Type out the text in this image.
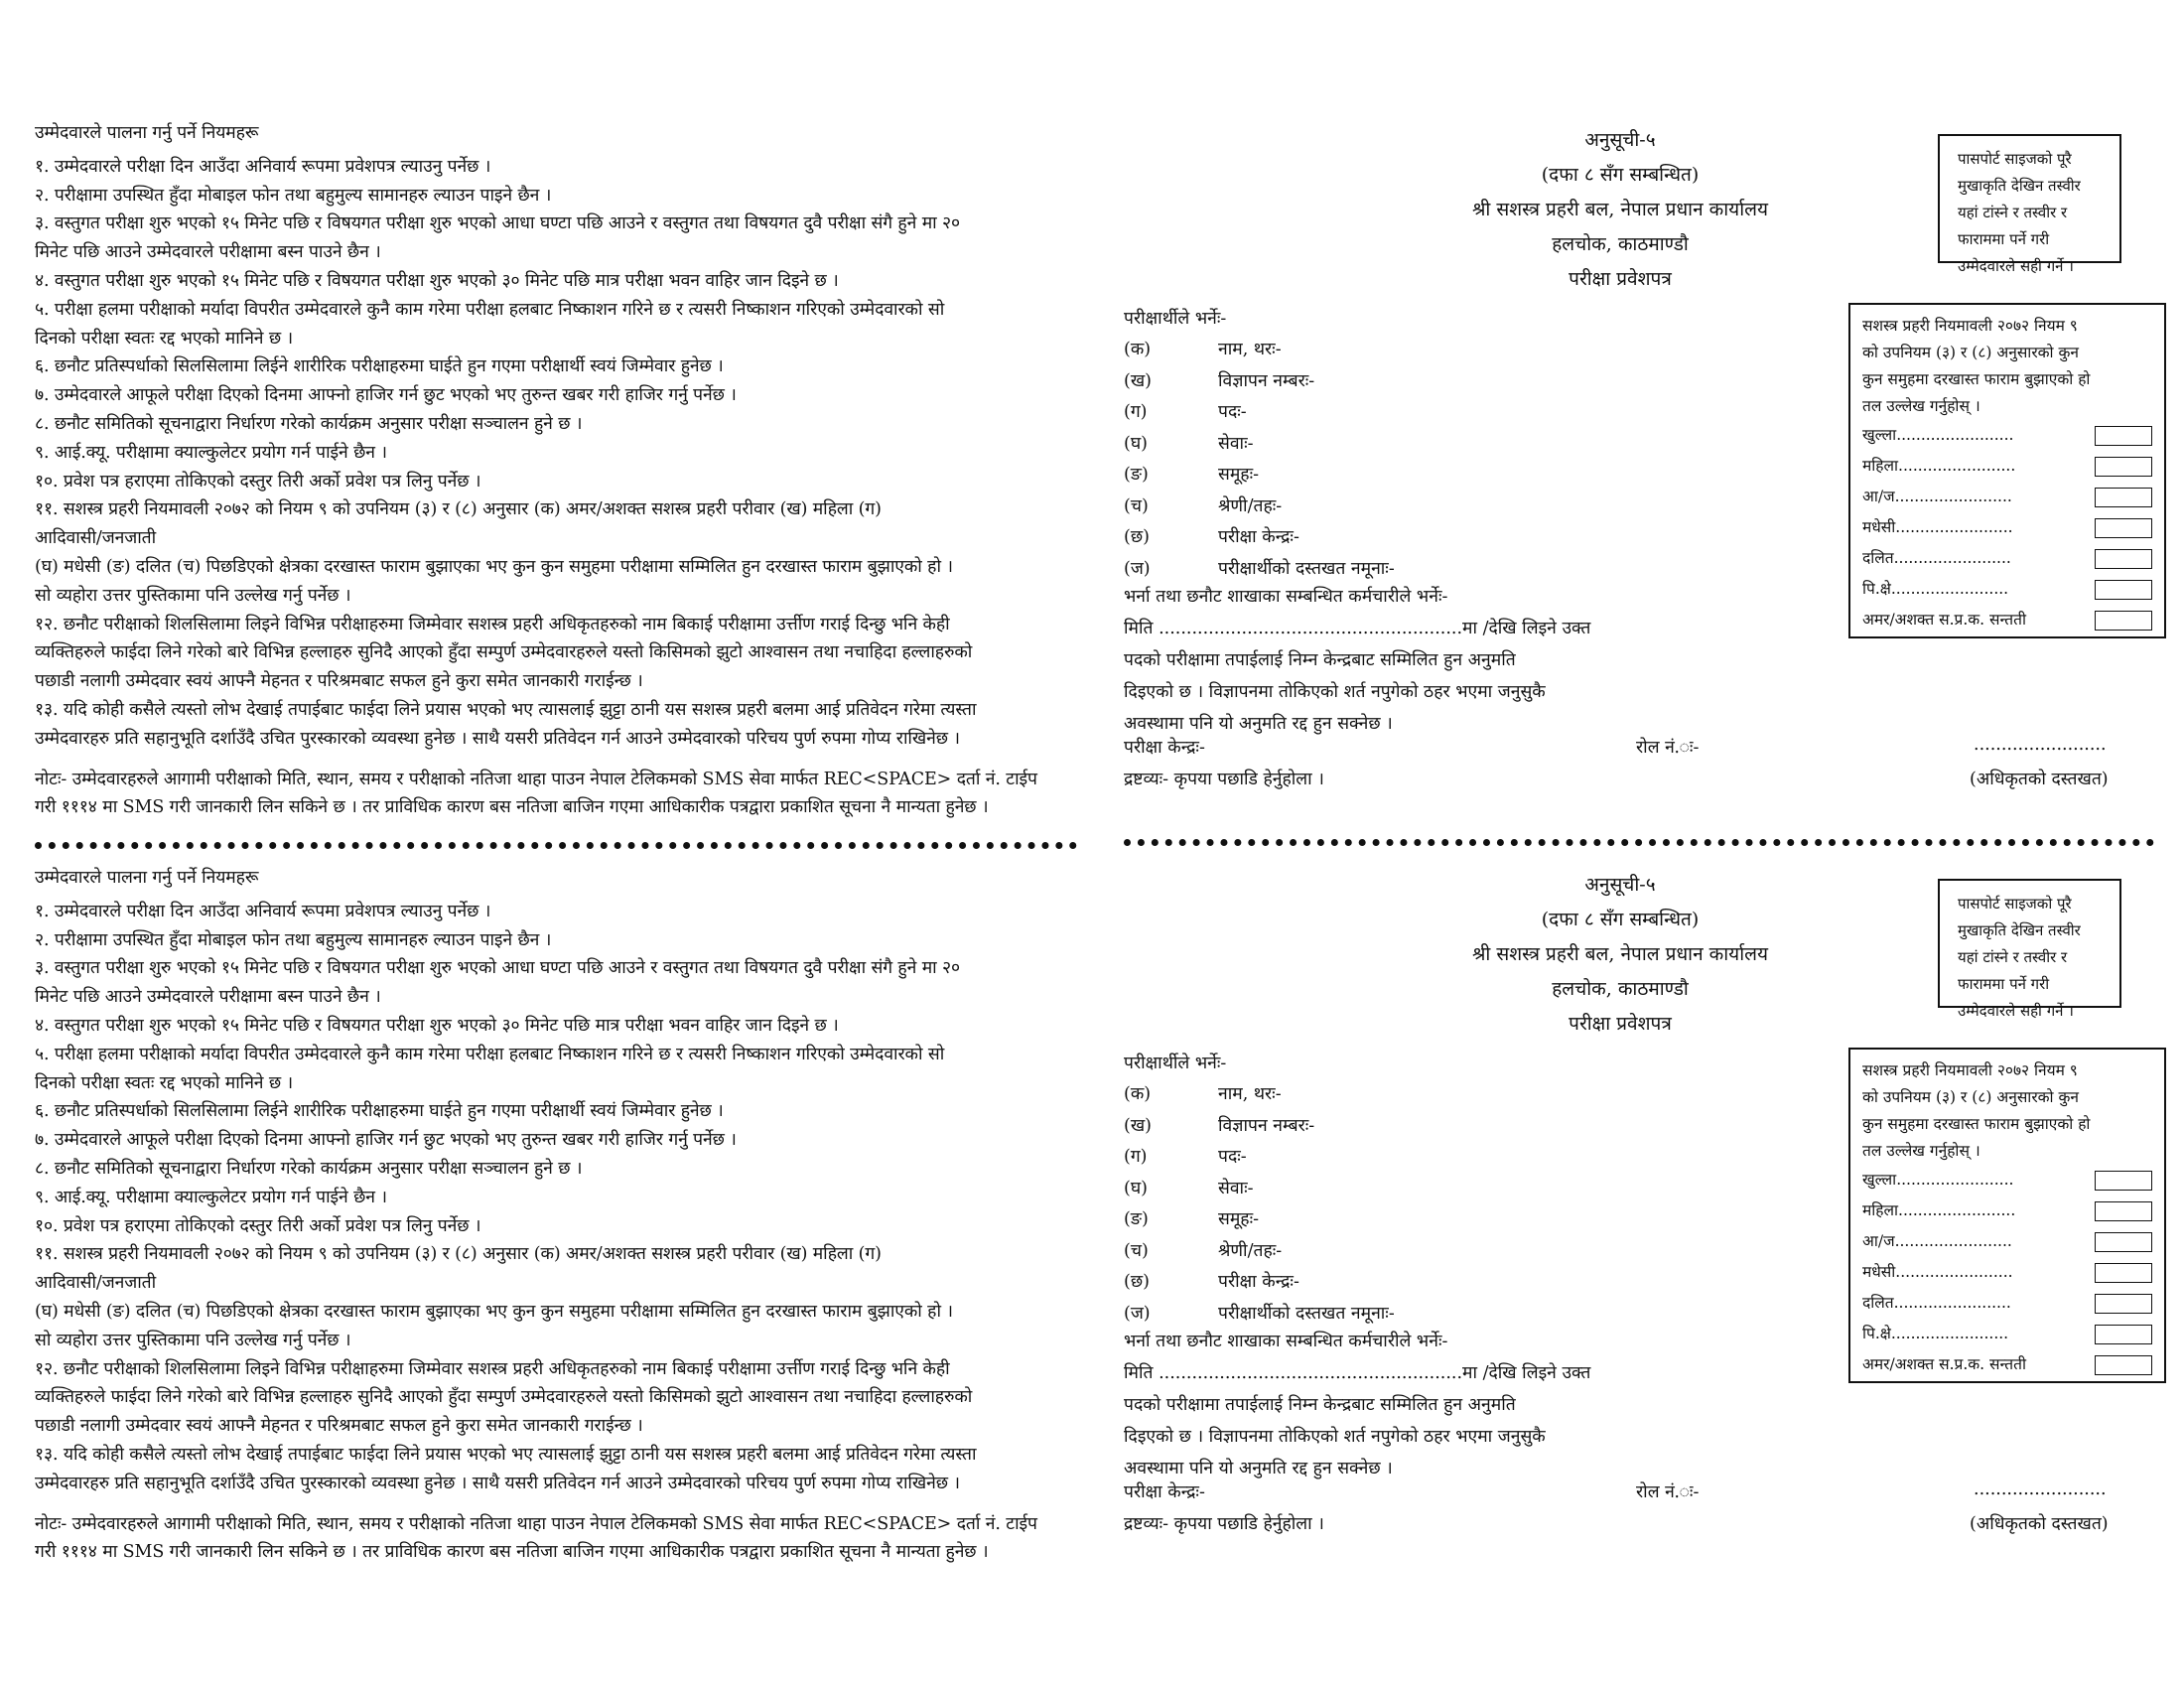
उम्मेदवारले पालना गर्नु पर्ने नियमहरू
१. उम्मेदवारले परीक्षा दिन आउँदा अनिवार्य रूपमा प्रवेशपत्र ल्याउनु पर्नेछ ।
२. परीक्षामा उपस्थित हुँदा मोबाइल फोन तथा बहुमुल्य सामानहरु ल्याउन पाइने छैन ।
३. वस्तुगत परीक्षा शुरु भएको १५ मिनेट पछि र विषयगत परीक्षा शुरु भएको आधा घण्टा पछि आउने र वस्तुगत तथा विषयगत दुवै परीक्षा संगै हुने मा २०
मिनेट पछि आउने उम्मेदवारले परीक्षामा बस्न पाउने छैन ।
४. वस्तुगत परीक्षा शुरु भएको १५ मिनेट पछि र विषयगत परीक्षा शुरु भएको ३० मिनेट पछि मात्र परीक्षा भवन वाहिर जान दिइने छ ।
५. परीक्षा हलमा परीक्षाको मर्यादा विपरीत उम्मेदवारले कुनै काम गरेमा परीक्षा हलबाट निष्काशन गरिने छ र त्यसरी निष्काशन गरिएको उम्मेदवारको सो
दिनको परीक्षा स्वतः रद्द भएको मानिने छ ।
६. छनौट प्रतिस्पर्धाको सिलसिलामा लिईने शारीरिक परीक्षाहरुमा घाईते हुन गएमा परीक्षार्थी स्वयं जिम्मेवार हुनेछ ।
७. उम्मेदवारले आफूले परीक्षा दिएको दिनमा आफ्नो हाजिर गर्न छुट भएको भए तुरुन्त खबर गरी हाजिर गर्नु पर्नेछ ।
८. छनौट समितिको सूचनाद्वारा निर्धारण गरेको कार्यक्रम अनुसार परीक्षा सञ्चालन हुने छ ।
९. आई.क्यू. परीक्षामा क्याल्कुलेटर प्रयोग गर्न पाईने छैन ।
१०. प्रवेश पत्र हराएमा तोकिएको दस्तुर तिरी अर्को प्रवेश पत्र लिनु पर्नेछ ।
११. सशस्त्र प्रहरी नियमावली २०७२ को नियम ९ को उपनियम (३) र (८) अनुसार (क) अमर/अशक्त सशस्त्र प्रहरी परीवार (ख) महिला (ग)
आदिवासी/जनजाती
(घ) मधेसी (ङ) दलित (च) पिछडिएको क्षेत्रका दरखास्त फाराम बुझाएका भए कुन कुन समुहमा परीक्षामा सम्मिलित हुन दरखास्त फाराम बुझाएको हो ।
सो व्यहोरा उत्तर पुस्तिकामा पनि उल्लेख गर्नु पर्नेछ ।
१२. छनौट परीक्षाको शिलसिलामा लिइने विभिन्न परीक्षाहरुमा जिम्मेवार सशस्त्र प्रहरी अधिकृतहरुको नाम बिकाई परीक्षामा उर्त्तीण गराई दिन्छु भनि केही
व्यक्तिहरुले फाईदा लिने गरेको बारे विभिन्न हल्लाहरु सुनिदै आएको हुँदा सम्पुर्ण उम्मेदवारहरुले यस्तो किसिमको झुटो आश्वासन तथा नचाहिदा हल्लाहरुको
पछाडी नलागी उम्मेदवार स्वयं आफ्नै मेहनत र परिश्रमबाट सफल हुने कुरा समेत जानकारी गराईन्छ ।
१३. यदि कोही कसैले त्यस्तो लोभ देखाई तपाईबाट फाईदा लिने प्रयास भएको भए त्यासलाई झुट्टा ठानी यस सशस्त्र प्रहरी बलमा आई प्रतिवेदन गरेमा त्यस्ता
उम्मेदवारहरु प्रति सहानुभूति दर्शाउँदै उचित पुरस्कारको व्यवस्था हुनेछ । साथै यसरी प्रतिवेदन गर्न आउने उम्मेदवारको परिचय पुर्ण रुपमा गोप्य राखिनेछ ।
नोटः- उम्मेदवारहरुले आगामी परीक्षाको मिति, स्थान, समय र परीक्षाको नतिजा थाहा पाउन नेपाल टेलिकमको SMS सेवा मार्फत REC<SPACE> दर्ता नं. टाईप
गरी १११४ मा SMS गरी जानकारी लिन सकिने छ । तर प्राविधिक कारण बस नतिजा बाजिन गएमा आधिकारीक पत्रद्वारा प्रकाशित सूचना नै मान्यता हुनेछ ।
अनुसूची-५
(दफा ८ सँग सम्बन्धित)
श्री सशस्त्र प्रहरी बल, नेपाल प्रधान कार्यालय
हलचोक, काठमाण्डौ
परीक्षा प्रवेशपत्र
पासपोर्ट साइजको पूरै
मुखाकृति देखिन तस्वीर
यहां टांस्ने र तस्वीर र
फाराममा पर्ने गरी
उम्मेदवारले सही गर्ने ।
सशस्त्र प्रहरी नियमावली २०७२ नियम ९
को उपनियम (३) र (८) अनुसारको कुन
कुन समुहमा दरखास्त फाराम बुझाएको हो
तल उल्लेख गर्नुहोस् ।
खुल्ला........................
महिला........................
आ/ज........................
मधेसी........................
दलित........................
पि.क्षे........................
अमर/अशक्त स.प्र.क. सन्तती
परीक्षार्थीले भर्नेः-
(क)	नाम, थरः-
(ख)	विज्ञापन नम्बरः-
(ग)	पदः-
(घ)	सेवाः-
(ङ)	समूहः-
(च)	श्रेणी/तहः-
(छ)	परीक्षा केन्द्रः-
(ज)	परीक्षार्थीको दस्तखत नमूनाः-
भर्ना तथा छनौट शाखाका सम्बन्धित कर्मचारीले भर्नेः-
मिति .......................................................मा /देखि लिइने उक्त
पदको परीक्षामा तपाईलाई निम्न केन्द्रबाट सम्मिलित हुन अनुमति
दिइएको छ । विज्ञापनमा तोकिएको शर्त नपुगेको ठहर भएमा जनुसुकै
अवस्थामा पनि यो अनुमति रद्द हुन सक्नेछ ।
परीक्षा केन्द्रः-	रोल नं.ः-	........................
द्रष्टव्यः- कृपया पछाडि हेर्नुहोला ।	(अधिकृतको दस्तखत)
उम्मेदवारले पालना गर्नु पर्ने नियमहरू
१. उम्मेदवारले परीक्षा दिन आउँदा अनिवार्य रूपमा प्रवेशपत्र ल्याउनु पर्नेछ ।
२. परीक्षामा उपस्थित हुँदा मोबाइल फोन तथा बहुमुल्य सामानहरु ल्याउन पाइने छैन ।
३. वस्तुगत परीक्षा शुरु भएको १५ मिनेट पछि र विषयगत परीक्षा शुरु भएको आधा घण्टा पछि आउने र वस्तुगत तथा विषयगत दुवै परीक्षा संगै हुने मा २०
मिनेट पछि आउने उम्मेदवारले परीक्षामा बस्न पाउने छैन ।
४. वस्तुगत परीक्षा शुरु भएको १५ मिनेट पछि र विषयगत परीक्षा शुरु भएको ३० मिनेट पछि मात्र परीक्षा भवन वाहिर जान दिइने छ ।
५. परीक्षा हलमा परीक्षाको मर्यादा विपरीत उम्मेदवारले कुनै काम गरेमा परीक्षा हलबाट निष्काशन गरिने छ र त्यसरी निष्काशन गरिएको उम्मेदवारको सो
दिनको परीक्षा स्वतः रद्द भएको मानिने छ ।
६. छनौट प्रतिस्पर्धाको सिलसिलामा लिईने शारीरिक परीक्षाहरुमा घाईते हुन गएमा परीक्षार्थी स्वयं जिम्मेवार हुनेछ ।
७. उम्मेदवारले आफूले परीक्षा दिएको दिनमा आफ्नो हाजिर गर्न छुट भएको भए तुरुन्त खबर गरी हाजिर गर्नु पर्नेछ ।
८. छनौट समितिको सूचनाद्वारा निर्धारण गरेको कार्यक्रम अनुसार परीक्षा सञ्चालन हुने छ ।
९. आई.क्यू. परीक्षामा क्याल्कुलेटर प्रयोग गर्न पाईने छैन ।
१०. प्रवेश पत्र हराएमा तोकिएको दस्तुर तिरी अर्को प्रवेश पत्र लिनु पर्नेछ ।
११. सशस्त्र प्रहरी नियमावली २०७२ को नियम ९ को उपनियम (३) र (८) अनुसार (क) अमर/अशक्त सशस्त्र प्रहरी परीवार (ख) महिला (ग)
आदिवासी/जनजाती
(घ) मधेसी (ङ) दलित (च) पिछडिएको क्षेत्रका दरखास्त फाराम बुझाएका भए कुन कुन समुहमा परीक्षामा सम्मिलित हुन दरखास्त फाराम बुझाएको हो ।
सो व्यहोरा उत्तर पुस्तिकामा पनि उल्लेख गर्नु पर्नेछ ।
१२. छनौट परीक्षाको शिलसिलामा लिइने विभिन्न परीक्षाहरुमा जिम्मेवार सशस्त्र प्रहरी अधिकृतहरुको नाम बिकाई परीक्षामा उर्त्तीण गराई दिन्छु भनि केही
व्यक्तिहरुले फाईदा लिने गरेको बारे विभिन्न हल्लाहरु सुनिदै आएको हुँदा सम्पुर्ण उम्मेदवारहरुले यस्तो किसिमको झुटो आश्वासन तथा नचाहिदा हल्लाहरुको
पछाडी नलागी उम्मेदवार स्वयं आफ्नै मेहनत र परिश्रमबाट सफल हुने कुरा समेत जानकारी गराईन्छ ।
१३. यदि कोही कसैले त्यस्तो लोभ देखाई तपाईबाट फाईदा लिने प्रयास भएको भए त्यासलाई झुट्टा ठानी यस सशस्त्र प्रहरी बलमा आई प्रतिवेदन गरेमा त्यस्ता
उम्मेदवारहरु प्रति सहानुभूति दर्शाउँदै उचित पुरस्कारको व्यवस्था हुनेछ । साथै यसरी प्रतिवेदन गर्न आउने उम्मेदवारको परिचय पुर्ण रुपमा गोप्य राखिनेछ ।
नोटः- उम्मेदवारहरुले आगामी परीक्षाको मिति, स्थान, समय र परीक्षाको नतिजा थाहा पाउन नेपाल टेलिकमको SMS सेवा मार्फत REC<SPACE> दर्ता नं. टाईप
गरी १११४ मा SMS गरी जानकारी लिन सकिने छ । तर प्राविधिक कारण बस नतिजा बाजिन गएमा आधिकारीक पत्रद्वारा प्रकाशित सूचना नै मान्यता हुनेछ ।
अनुसूची-५
(दफा ८ सँग सम्बन्धित)
श्री सशस्त्र प्रहरी बल, नेपाल प्रधान कार्यालय
हलचोक, काठमाण्डौ
परीक्षा प्रवेशपत्र
पासपोर्ट साइजको पूरै
मुखाकृति देखिन तस्वीर
यहां टांस्ने र तस्वीर र
फाराममा पर्ने गरी
उम्मेदवारले सही गर्ने ।
सशस्त्र प्रहरी नियमावली २०७२ नियम ९
को उपनियम (३) र (८) अनुसारको कुन
कुन समुहमा दरखास्त फाराम बुझाएको हो
तल उल्लेख गर्नुहोस् ।
खुल्ला........................
महिला........................
आ/ज........................
मधेसी........................
दलित........................
पि.क्षे........................
अमर/अशक्त स.प्र.क. सन्तती
परीक्षार्थीले भर्नेः-
(क)	नाम, थरः-
(ख)	विज्ञापन नम्बरः-
(ग)	पदः-
(घ)	सेवाः-
(ङ)	समूहः-
(च)	श्रेणी/तहः-
(छ)	परीक्षा केन्द्रः-
(ज)	परीक्षार्थीको दस्तखत नमूनाः-
भर्ना तथा छनौट शाखाका सम्बन्धित कर्मचारीले भर्नेः-
मिति .......................................................मा /देखि लिइने उक्त
पदको परीक्षामा तपाईलाई निम्न केन्द्रबाट सम्मिलित हुन अनुमति
दिइएको छ । विज्ञापनमा तोकिएको शर्त नपुगेको ठहर भएमा जनुसुकै
अवस्थामा पनि यो अनुमति रद्द हुन सक्नेछ ।
परीक्षा केन्द्रः-	रोल नं.ः-	........................
द्रष्टव्यः- कृपया पछाडि हेर्नुहोला ।	(अधिकृतको दस्तखत)
